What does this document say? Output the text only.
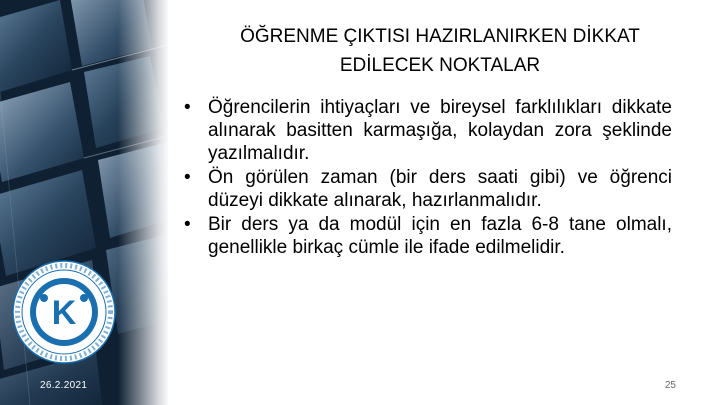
K
26.2.2021
ÖĞRENME ÇIKTISI HAZIRLANIRKEN DİKKAT
EDİLECEK NOKTALAR
• Öğrencilerin ihtiyaçları ve bireysel farklılıkları dikkate alınarak basitten karmaşığa, kolaydan zora şeklinde yazılmalıdır.
• Ön görülen zaman (bir ders saati gibi) ve öğrenci düzeyi dikkate alınarak, hazırlanmalıdır.
• Bir ders ya da modül için en fazla 6-8 tane olmalı, genellikle birkaç cümle ile ifade edilmelidir.
25
